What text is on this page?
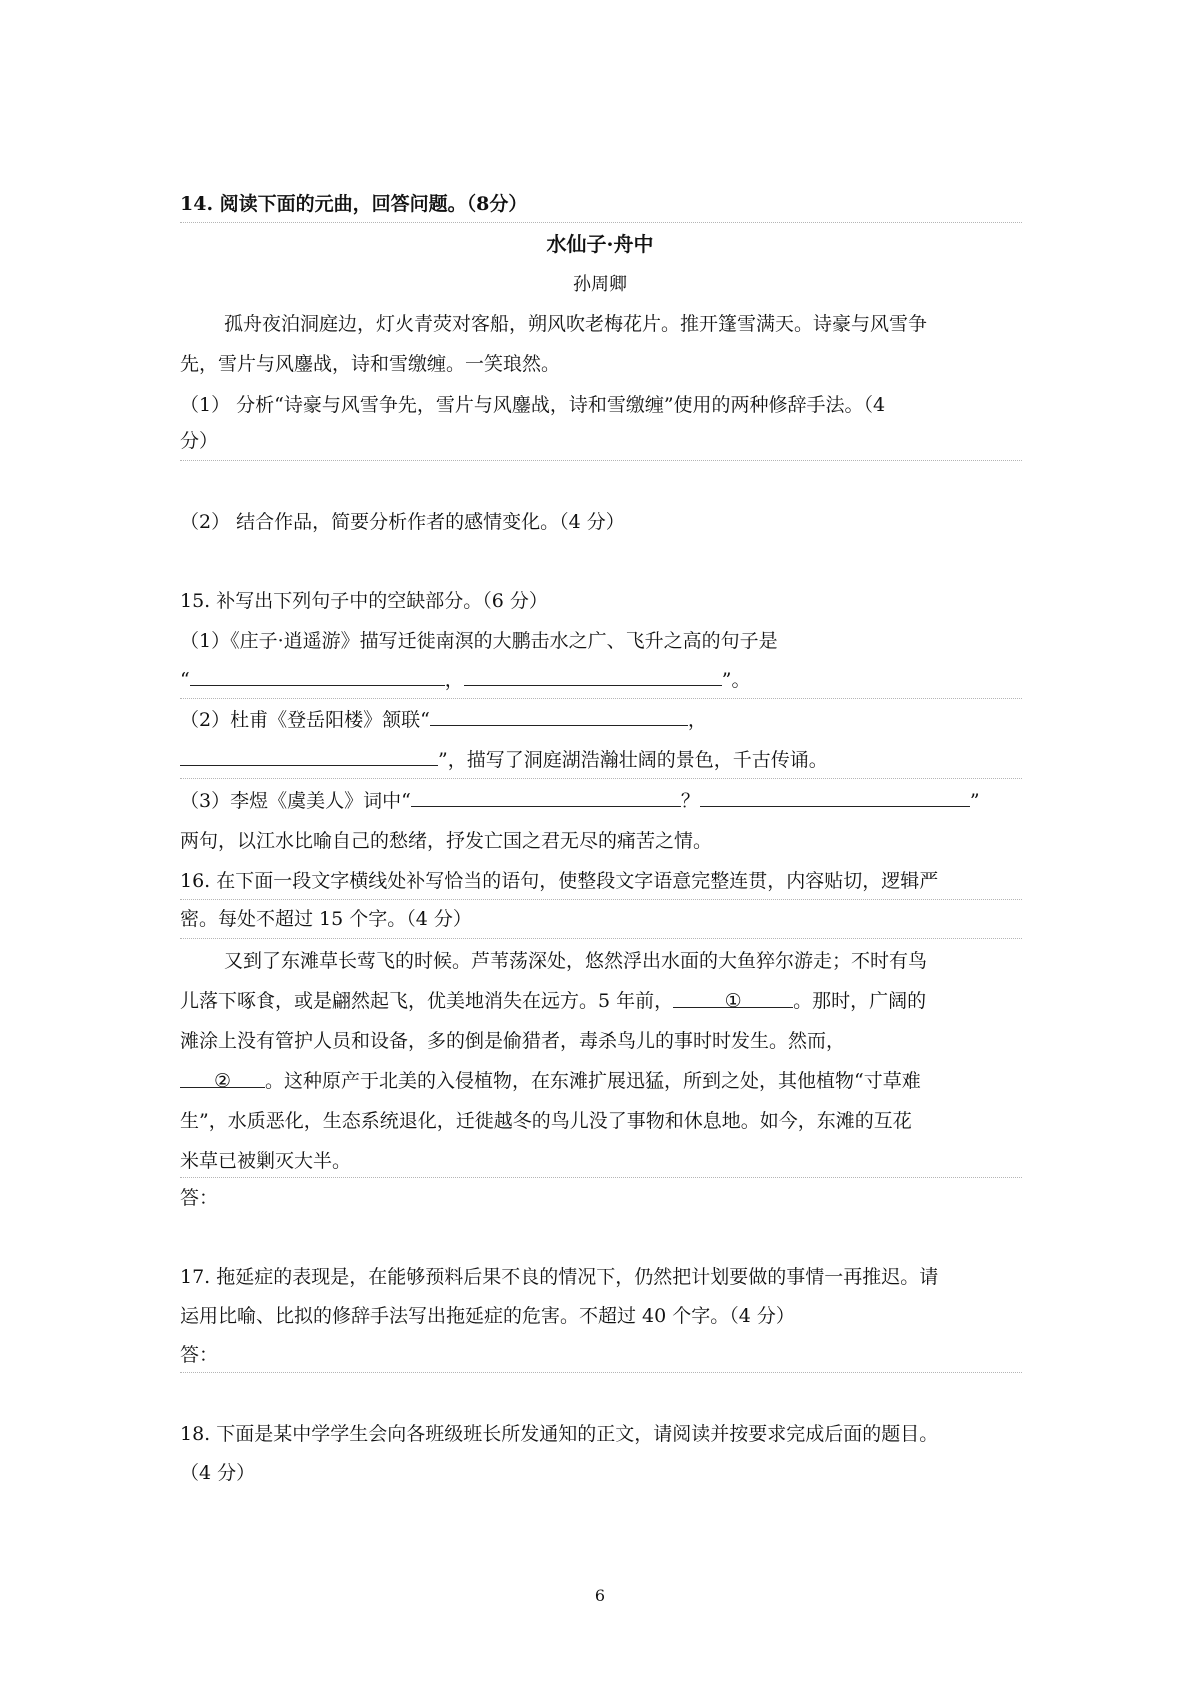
14. 阅读下面的元曲，回答问题。（8分）
水仙子·舟中
孙周卿
孤舟夜泊洞庭边，灯火青荧对客船，朔风吹老梅花片。推开篷雪满天。诗豪与风雪争
先，雪片与风鏖战，诗和雪缴缠。一笑琅然。
（1） 分析“诗豪与风雪争先，雪片与风鏖战，诗和雪缴缠”使用的两种修辞手法。（4
分）
（2） 结合作品，简要分析作者的感情变化。（4 分）
15. 补写出下列句子中的空缺部分。（6 分）
（1）《庄子·逍遥游》描写迁徙南溟的大鹏击水之广、飞升之高的句子是
“	，	”。
（2）杜甫《登岳阳楼》颔联“	，
”，描写了洞庭湖浩瀚壮阔的景色，千古传诵。
（3）李煜《虞美人》词中“	？	”
两句，以江水比喻自己的愁绪，抒发亡国之君无尽的痛苦之情。
16. 在下面一段文字横线处补写恰当的语句，使整段文字语意完整连贯，内容贴切，逻辑严
密。每处不超过 15 个字。（4 分）
又到了东滩草长莺飞的时候。芦苇荡深处，悠然浮出水面的大鱼猝尔游走；不时有鸟
儿落下啄食，或是翩然起飞，优美地消失在远方。5 年前，	①	。那时，广阔的
滩涂上没有管护人员和设备，多的倒是偷猎者，毒杀鸟儿的事时时发生。然而，
② 。这种原产于北美的入侵植物，在东滩扩展迅猛，所到之处，其他植物“寸草难
生”，水质恶化，生态系统退化，迁徙越冬的鸟儿没了事物和休息地。如今，东滩的互花
米草已被剿灭大半。
答：
17. 拖延症的表现是，在能够预料后果不良的情况下，仍然把计划要做的事情一再推迟。请
运用比喻、比拟的修辞手法写出拖延症的危害。不超过 40 个字。（4 分）
答：
18. 下面是某中学学生会向各班级班长所发通知的正文，请阅读并按要求完成后面的题目。
（4 分）
6
